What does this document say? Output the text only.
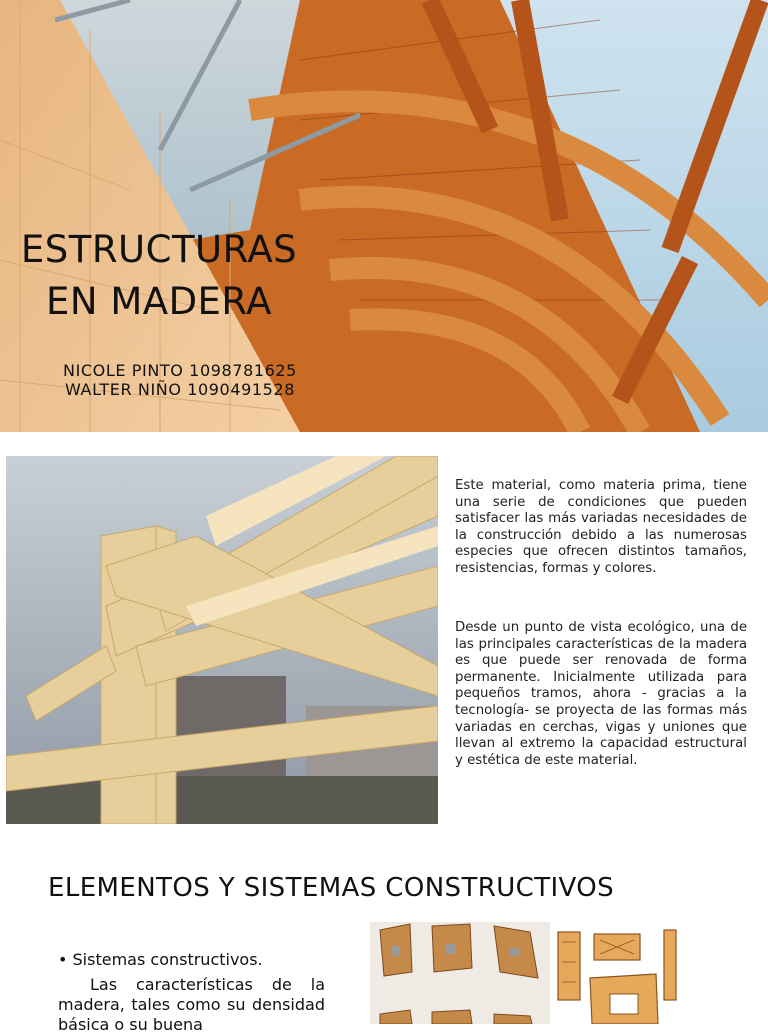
ESTRUCTURAS
EN MADERA
NICOLE PINTO 1098781625
WALTER NIÑO 1090491528
Este material, como materia prima, tiene una serie de condiciones que pueden satisfacer las más variadas necesidades de la construcción debido a las numerosas especies que ofrecen distintos tamaños, resistencias, formas y colores.
Desde un punto de vista ecológico, una de las principales características de la madera es que puede ser renovada de forma permanente. Inicialmente utilizada para pequeños tramos, ahora - gracias a la tecnología- se proyecta de las formas más variadas en cerchas, vigas y uniones que llevan al extremo la capacidad estructural y estética de este material.
ELEMENTOS Y SISTEMAS CONSTRUCTIVOS
• Sistemas constructivos.
Las características de la madera, tales como su densidad básica o su buena
